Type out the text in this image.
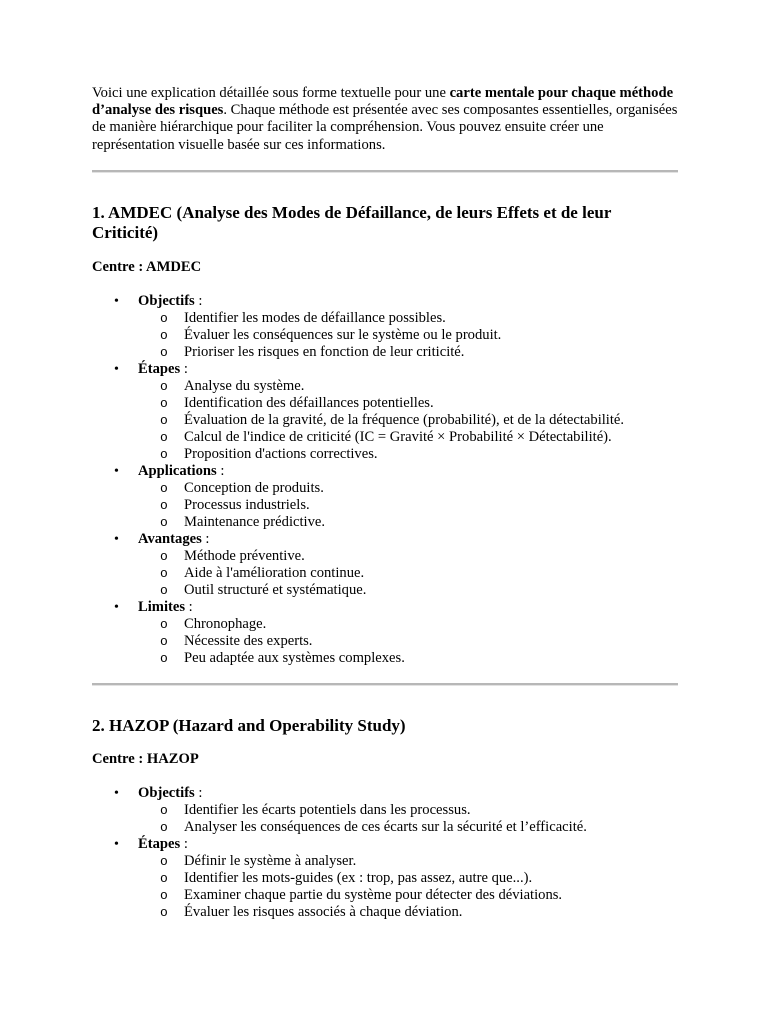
Voici une explication détaillée sous forme textuelle pour une carte mentale pour chaque méthode d’analyse des risques. Chaque méthode est présentée avec ses composantes essentielles, organisées de manière hiérarchique pour faciliter la compréhension. Vous pouvez ensuite créer une représentation visuelle basée sur ces informations.

1. AMDEC (Analyse des Modes de Défaillance, de leurs Effets et de leur Criticité)

Centre : AMDEC

• Objectifs :
o Identifier les modes de défaillance possibles.
o Évaluer les conséquences sur le système ou le produit.
o Prioriser les risques en fonction de leur criticité.
• Étapes :
o Analyse du système.
o Identification des défaillances potentielles.
o Évaluation de la gravité, de la fréquence (probabilité), et de la détectabilité.
o Calcul de l'indice de criticité (IC = Gravité × Probabilité × Détectabilité).
o Proposition d'actions correctives.
• Applications :
o Conception de produits.
o Processus industriels.
o Maintenance prédictive.
• Avantages :
o Méthode préventive.
o Aide à l'amélioration continue.
o Outil structuré et systématique.
• Limites :
o Chronophage.
o Nécessite des experts.
o Peu adaptée aux systèmes complexes.
2. HAZOP (Hazard and Operability Study)

Centre : HAZOP

• Objectifs :
o Identifier les écarts potentiels dans les processus.
o Analyser les conséquences de ces écarts sur la sécurité et l’efficacité.
• Étapes :
o Définir le système à analyser.
o Identifier les mots-guides (ex : trop, pas assez, autre que...).
o Examiner chaque partie du système pour détecter des déviations.
o Évaluer les risques associés à chaque déviation.
